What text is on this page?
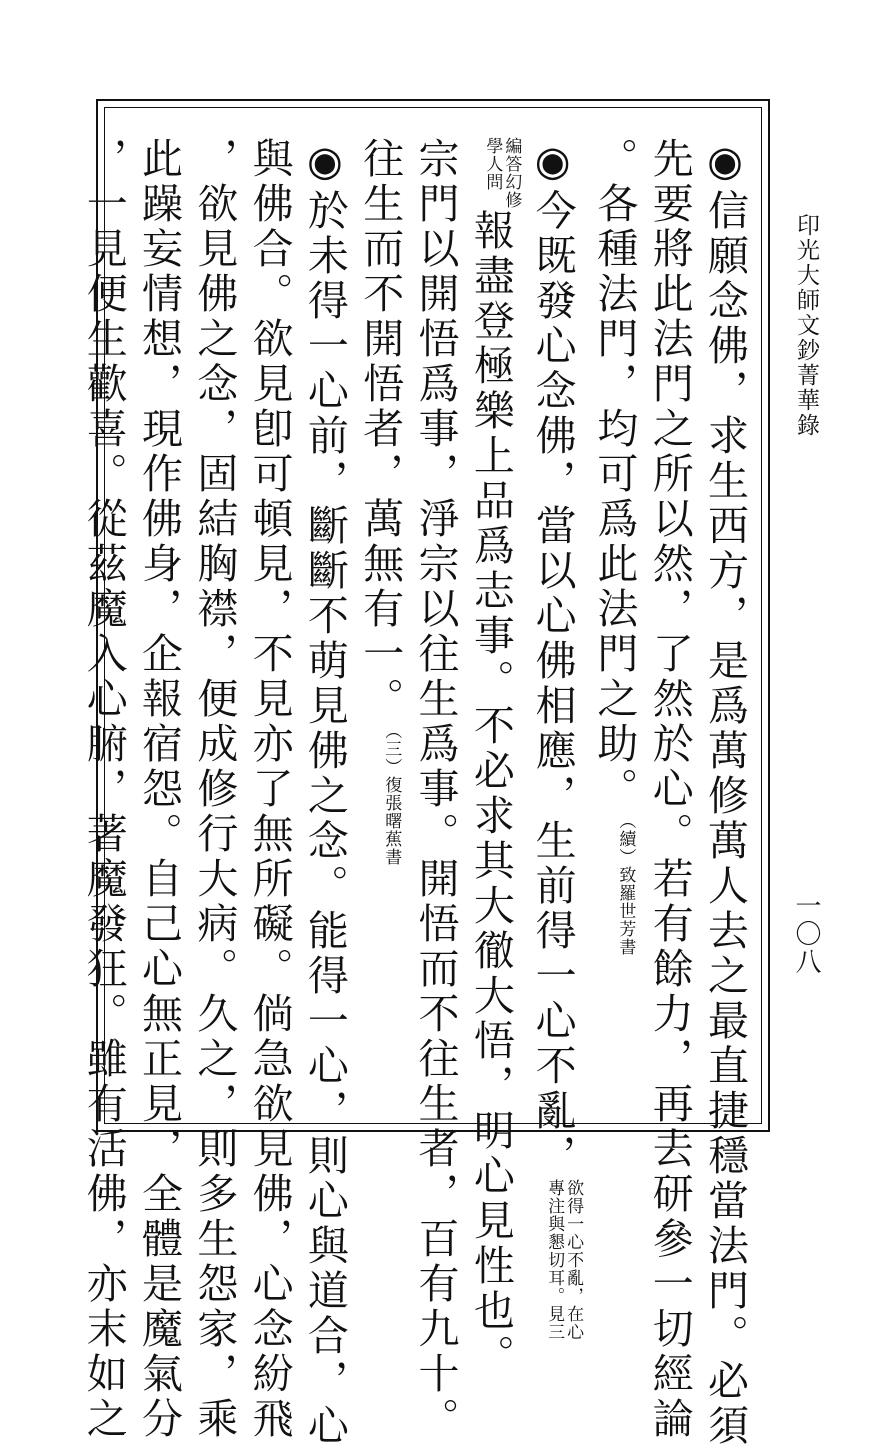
印光大師文鈔菁華錄
一〇八
◉信願念佛，求生西方，是爲萬修萬人去之最直捷穩當法門。必須
先要將此法門之所以然，了然於心。若有餘力，再去研參一切經論
。各種法門，均可爲此法門之助。（續）致羅世芳書
◉今既發心念佛，當以心佛相應，生前得一心不亂，
欲得一心不亂，在心
專注與懇切耳。見三
編答幻修
學人問
報盡登極樂上品爲志事。不必求其大徹大悟，明心見性也。
宗門以開悟爲事，淨宗以往生爲事。開悟而不往生者，百有九十。
往生而不開悟者，萬無有一。（三）復張曙蕉書
◉於未得一心前，斷斷不萌見佛之念。能得一心，則心與道合，心
與佛合。欲見卽可頓見，不見亦了無所礙。倘急欲見佛，心念紛飛
，欲見佛之念，固結胸襟，便成修行大病。久之，則多生怨家，乘
此躁妄情想，現作佛身，企報宿怨。自己心無正見，全體是魔氣分
，一見便生歡喜。從茲魔入心腑，著魔發狂。雖有活佛，亦末如之
